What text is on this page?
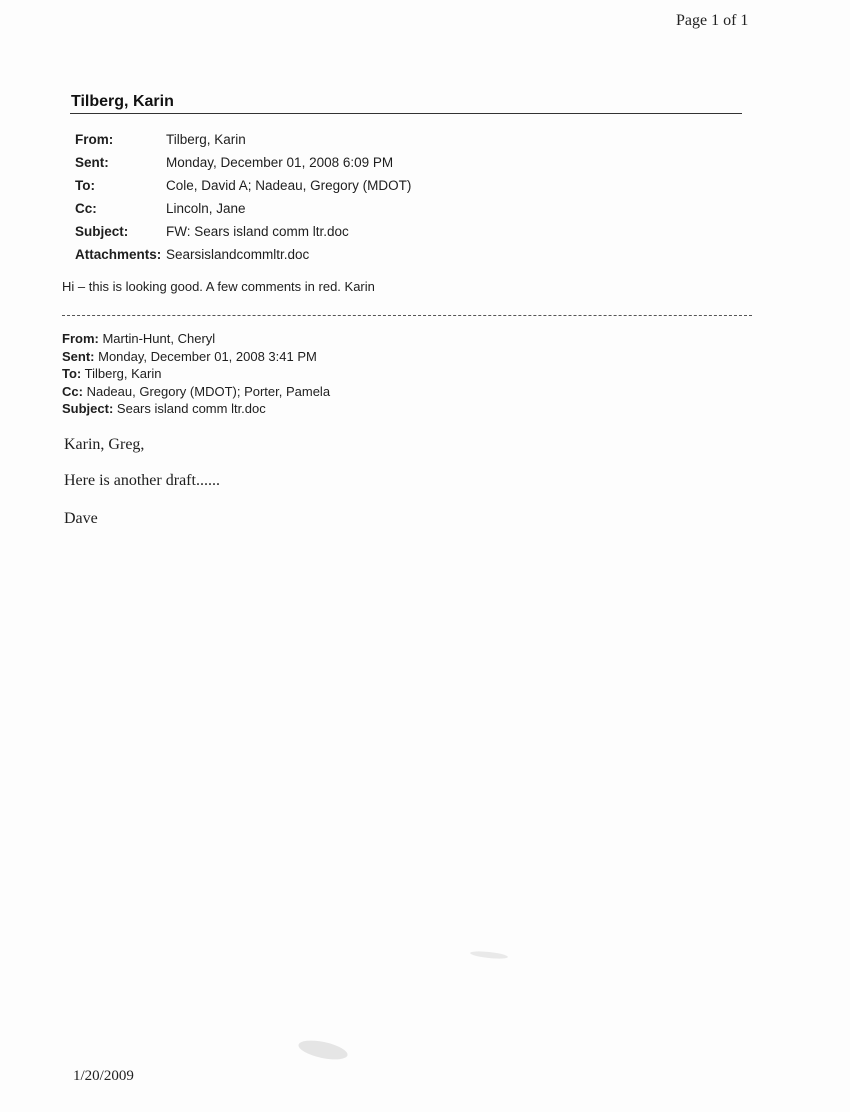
Page 1 of 1
Tilberg, Karin
From:	Tilberg, Karin
Sent:	Monday, December 01, 2008 6:09 PM
To:	Cole, David A; Nadeau, Gregory (MDOT)
Cc:	Lincoln, Jane
Subject:	FW: Sears island comm ltr.doc
Attachments: Searsislandcommltr.doc
Hi – this is looking good. A few comments in red. Karin
From: Martin-Hunt, Cheryl
Sent: Monday, December 01, 2008 3:41 PM
To: Tilberg, Karin
Cc: Nadeau, Gregory (MDOT); Porter, Pamela
Subject: Sears island comm ltr.doc
Karin, Greg,
Here is another draft......
Dave
1/20/2009
